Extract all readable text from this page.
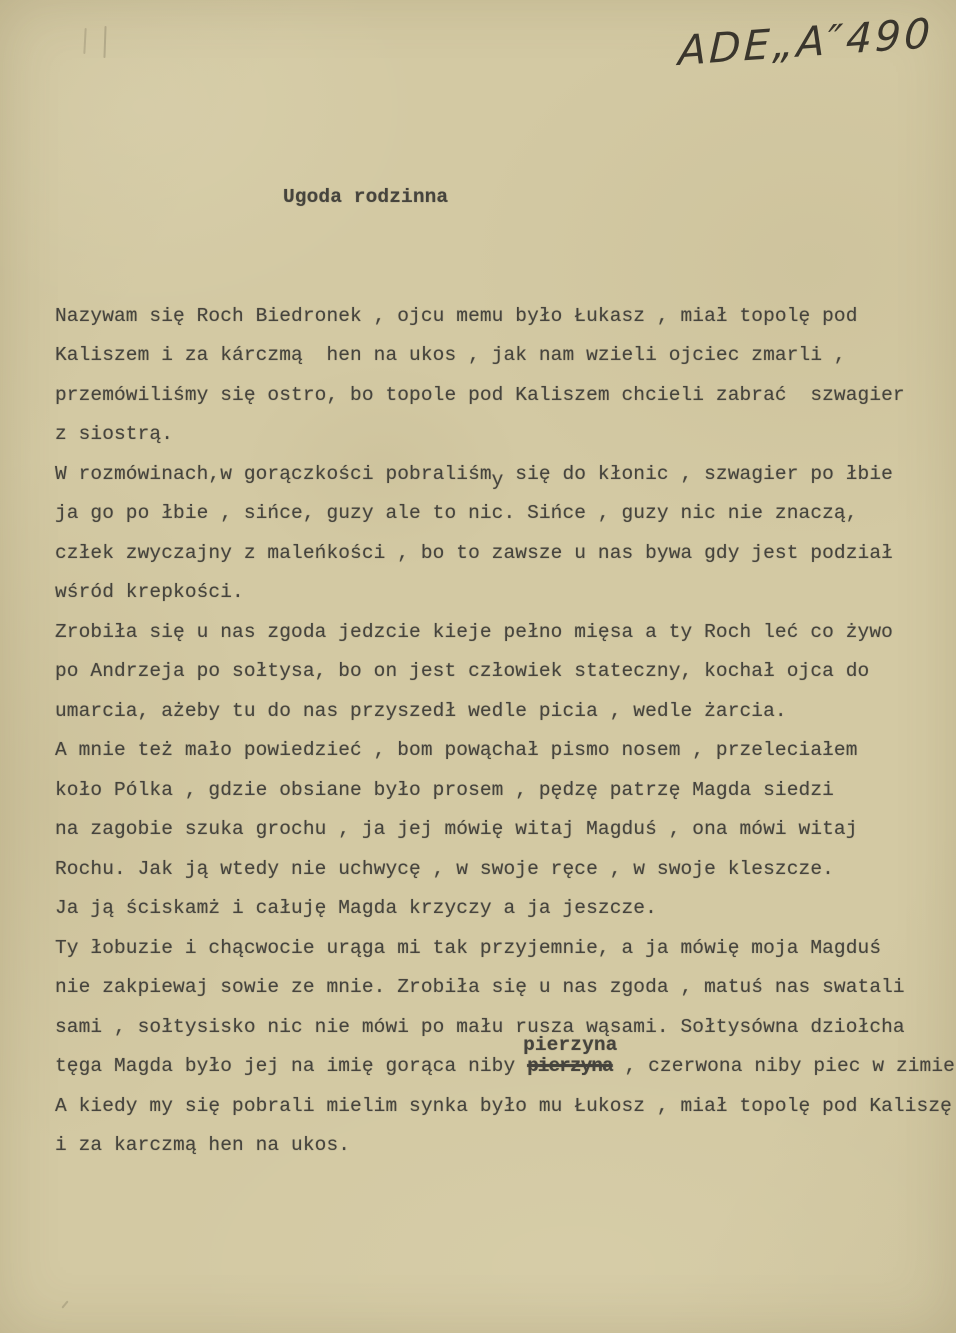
ADE„A″490

Ugoda rodzinna

Nazywam się Roch Biedronek , ojcu memu było Łukasz , miał topolę pod
Kaliszem i za kárczmą  hen na ukos , jak nam wzieli ojciec zmarli ,
przemówiliśmy się ostro, bo topole pod Kaliszem chcieli zabrać  szwagier
z siostrą.
W rozmówinach,w gorączkości pobraliśmy się do kłonic , szwagier po łbie
ja go po łbie , sińce, guzy ale to nic. Sińce , guzy nic nie znaczą,
człek zwyczajny z maleńkości , bo to zawsze u nas bywa gdy jest podział
wśród krepkości.
Zrobiła się u nas zgoda jedzcie kieje pełno mięsa a ty Roch leć co żywo
po Andrzeja po sołtysa, bo on jest człowiek stateczny, kochał ojca do
umarcia, ażeby tu do nas przyszedł wedle picia , wedle żarcia.
A mnie też mało powiedzieć , bom powąchał pismo nosem , przeleciałem
koło Pólka , gdzie obsiane było prosem , pędzę patrzę Magda siedzi
na zagobie szuka grochu , ja jej mówię witaj Magduś , ona mówi witaj
Rochu. Jak ją wtedy nie uchwycę , w swoje ręce , w swoje kleszcze.
Ja ją ściskamż i całuję Magda krzyczy a ja jeszcze.
Ty łobuzie i chącwocie urąga mi tak przyjemnie, a ja mówię moja Magduś
nie zakpiewaj sowie ze mnie. Zrobiła się u nas zgoda , matuś nas swatali
sami , sołtysisko nic nie mówi po mału rusza wąsami. Sołtysówna dziołcha
tęga Magda było jej na imię gorąca niby pierzyna , czerwona niby piec w zimie
pierzyna
A kiedy my się pobrali mielim synka było mu Łukosz , miał topolę pod Kaliszę
i za karczmą hen na ukos.
